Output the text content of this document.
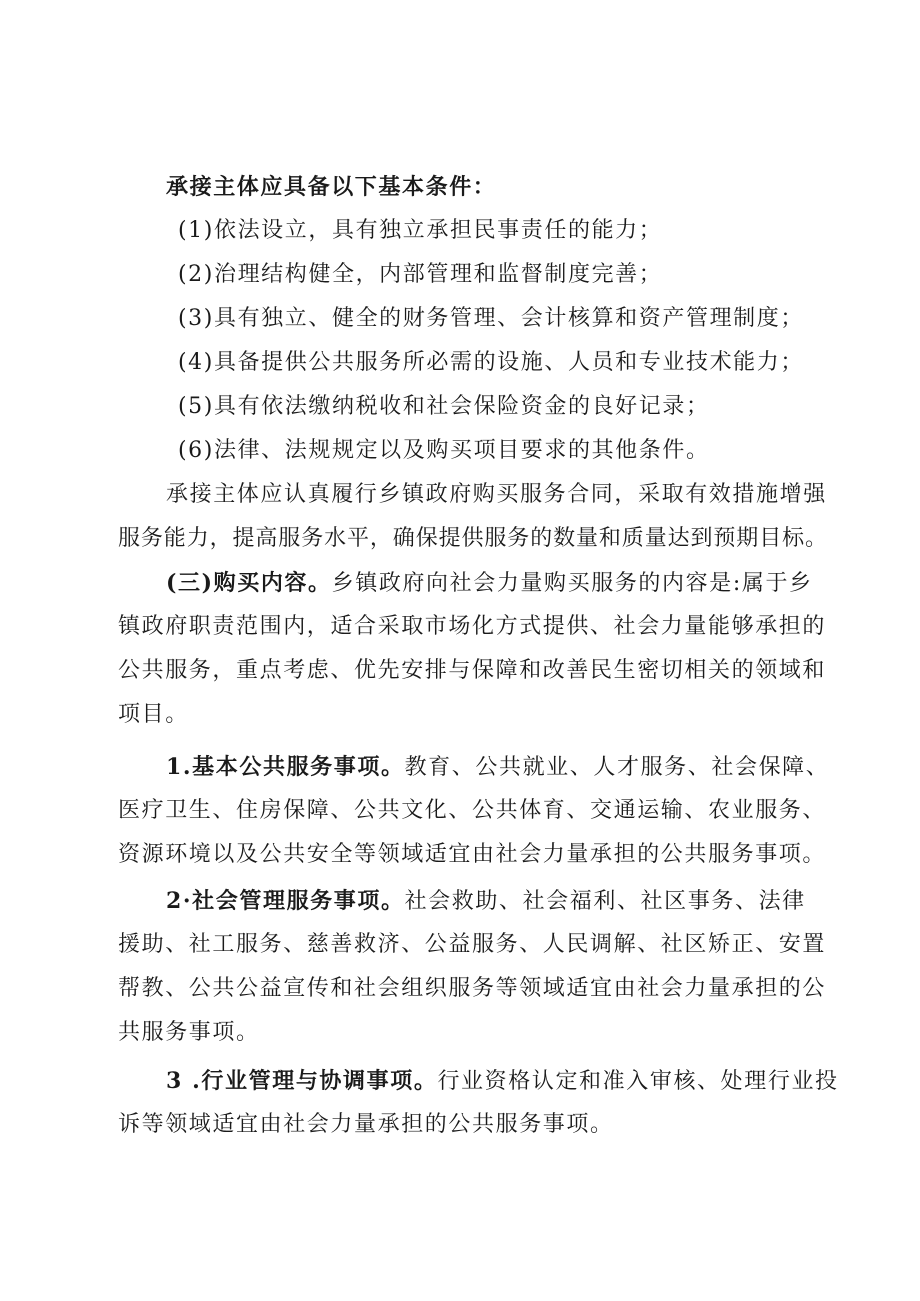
承接主体应具备以下基本条件：
(1)依法设立，具有独立承担民事责任的能力；
(2)治理结构健全，内部管理和监督制度完善；
(3)具有独立、健全的财务管理、会计核算和资产管理制度；
(4)具备提供公共服务所必需的设施、人员和专业技术能力；
(5)具有依法缴纳税收和社会保险资金的良好记录；
(6)法律、法规规定以及购买项目要求的其他条件。
承接主体应认真履行乡镇政府购买服务合同，采取有效措施增强
服务能力，提高服务水平，确保提供服务的数量和质量达到预期目标。
(三)购买内容。乡镇政府向社会力量购买服务的内容是:属于乡
镇政府职责范围内，适合采取市场化方式提供、社会力量能够承担的
公共服务，重点考虑、优先安排与保障和改善民生密切相关的领域和
项目。
1.基本公共服务事项。教育、公共就业、人才服务、社会保障、
医疗卫生、住房保障、公共文化、公共体育、交通运输、农业服务、
资源环境以及公共安全等领域适宜由社会力量承担的公共服务事项。
2·社会管理服务事项。社会救助、社会福利、社区事务、法律
援助、社工服务、慈善救济、公益服务、人民调解、社区矫正、安置
帮教、公共公益宣传和社会组织服务等领域适宜由社会力量承担的公
共服务事项。
3 .行业管理与协调事项。行业资格认定和准入审核、处理行业投
诉等领域适宜由社会力量承担的公共服务事项。
